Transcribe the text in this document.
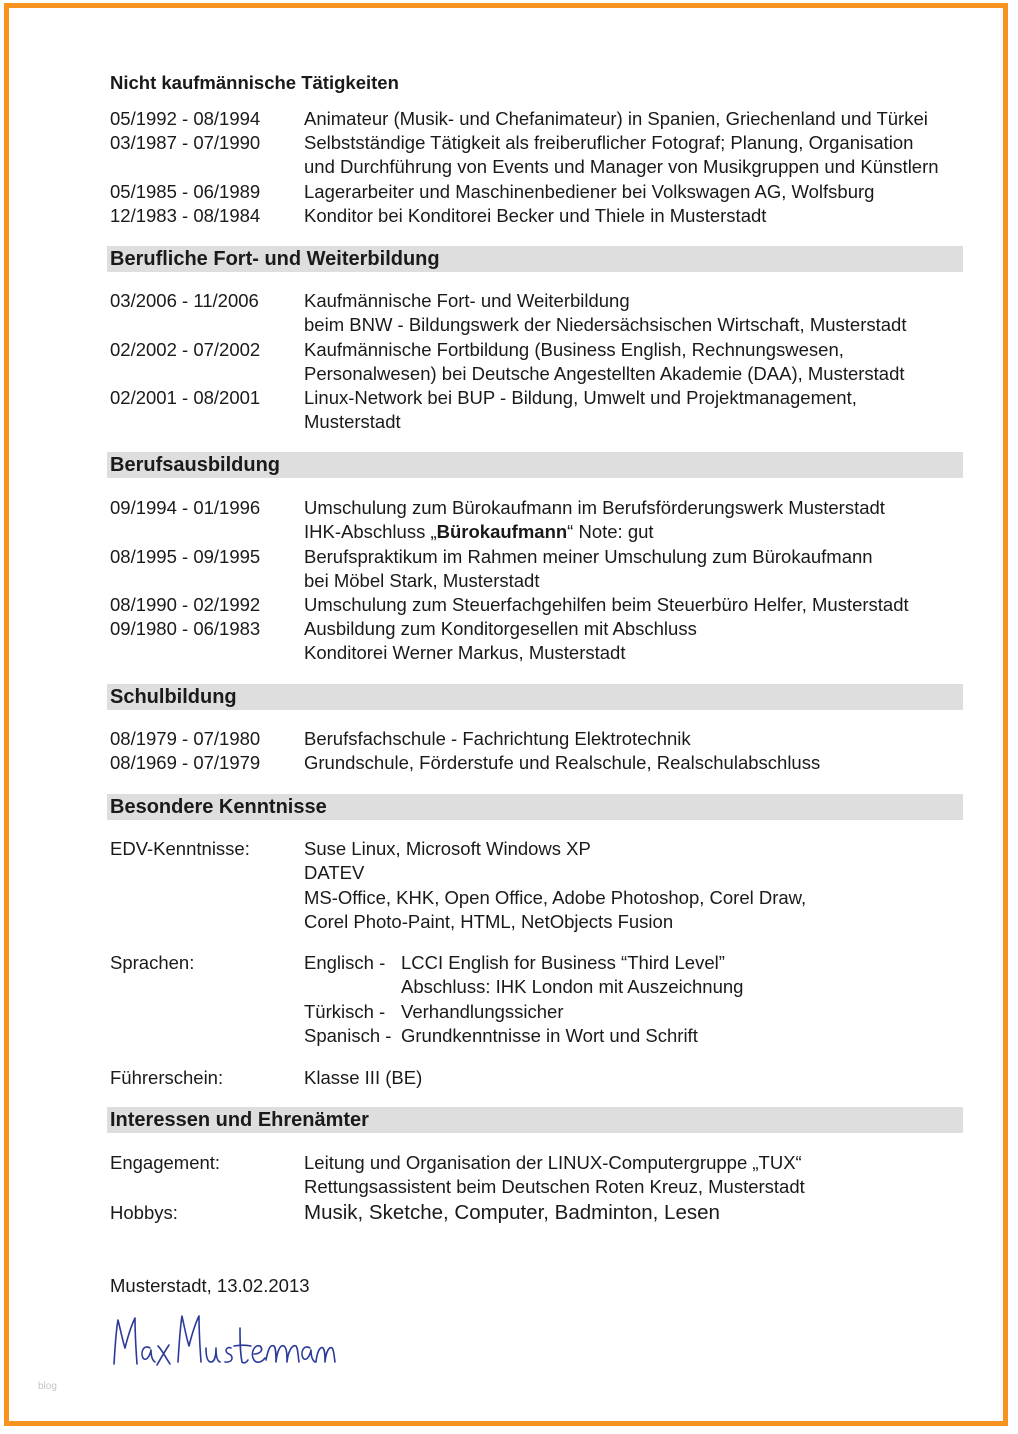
Nicht kaufmännische Tätigkeiten
05/1992 - 08/1994 Animateur (Musik- und Chefanimateur) in Spanien, Griechenland und Türkei
03/1987 - 07/1990 Selbstständige Tätigkeit als freiberuflicher Fotograf; Planung, Organisation
und Durchführung von Events und Manager von Musikgruppen und Künstlern
05/1985 - 06/1989 Lagerarbeiter und Maschinenbediener bei Volkswagen AG, Wolfsburg
12/1983 - 08/1984 Konditor bei Konditorei Becker und Thiele in Musterstadt
Berufliche Fort- und Weiterbildung
03/2006 - 11/2006 Kaufmännische Fort- und Weiterbildung
beim BNW - Bildungswerk der Niedersächsischen Wirtschaft, Musterstadt
02/2002 - 07/2002 Kaufmännische Fortbildung (Business English, Rechnungswesen,
Personalwesen) bei Deutsche Angestellten Akademie (DAA), Musterstadt
02/2001 - 08/2001 Linux-Network bei BUP - Bildung, Umwelt und Projektmanagement,
Musterstadt
Berufsausbildung
09/1994 - 01/1996 Umschulung zum Bürokaufmann im Berufsförderungswerk Musterstadt
IHK-Abschluss „Bürokaufmann“ Note: gut
08/1995 - 09/1995 Berufspraktikum im Rahmen meiner Umschulung zum Bürokaufmann
bei Möbel Stark, Musterstadt
08/1990 - 02/1992 Umschulung zum Steuerfachgehilfen beim Steuerbüro Helfer, Musterstadt
09/1980 - 06/1983 Ausbildung zum Konditorgesellen mit Abschluss
Konditorei Werner Markus, Musterstadt
Schulbildung
08/1979 - 07/1980 Berufsfachschule - Fachrichtung Elektrotechnik
08/1969 - 07/1979 Grundschule, Förderstufe und Realschule, Realschulabschluss
Besondere Kenntnisse
EDV-Kenntnisse:	Suse Linux, Microsoft Windows XP
DATEV
MS-Office, KHK, Open Office, Adobe Photoshop, Corel Draw,
Corel Photo-Paint, HTML, NetObjects Fusion
Sprachen:	Englisch - LCCI English for Business “Third Level”
Abschluss: IHK London mit Auszeichnung
Türkisch - Verhandlungssicher
Spanisch - Grundkenntnisse in Wort und Schrift
Führerschein:	Klasse III (BE)
Interessen und Ehrenämter
Engagement:	Leitung und Organisation der LINUX-Computergruppe „TUX“
Rettungsassistent beim Deutschen Roten Kreuz, Musterstadt
Hobbys:	Musik, Sketche, Computer, Badminton, Lesen
Musterstadt, 13.02.2013
blog
